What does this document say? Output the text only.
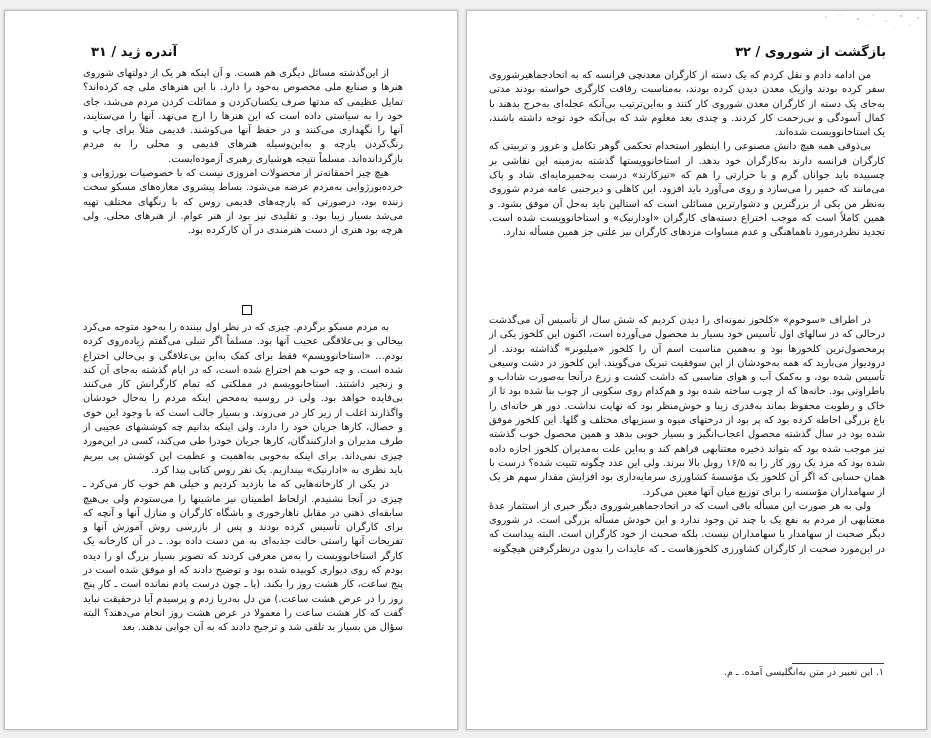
آندره ژید / ۳۱

از این‌گذشته مسائل دیگری هم هست. و آن اینکه هر یک از دولتهای شوروی هنرها و صنایع ملی مخصوص به‌خود را دارد. با این هنرهای ملی چه کرده‌اند؟ تمایل عظیمی که مدتها صرف یکسان‌کردن و مماثلت کردن مردم می‌شد، جای خود را به سیاستی داده است که این هنرها را ارج می‌نهد. آنها را می‌ستایند، آنها را نگهداری می‌کنند و در حفظ آنها می‌کوشند. قدیمی مثلاً برای چاپ و رنگ‌کردن پارچه و به‌این‌وسیله هنرهای قدیمی و محلی را به مردم بازگردانده‌اند. مسلماً نتیجه هوشیاری رهبری آزموده‌ایست.

هیچ چیز احمقانه‌تر از محصولات امروزی نیست که با خصوصیات بورژوایی و خرده‌بورژوایی به‌مردم عرضه می‌شود. بساط پیشروی مغازه‌های مسکو سخت زننده بود، درصورتی که پارچه‌های قدیمی روس که با رنگهای مختلف تهیه می‌شد بسیار زیبا بود. و تقلیدی نیز بود از هنر عوام. از هنرهای محلی. ولی هرچه بود هنری از دست هنرمندی در آن کارکرده بود.

به مردم مسکو برگردم. چیزی که در نظر اول بیننده را به‌خود متوجه می‌کرد بیحالی و بی‌علاقگی عجیب آنها بود. مسلماً اگر تنبلی می‌گفتم زیاده‌روی کرده بودم... «استاخانوویسم» فقط برای کمک به‌این بی‌علاقگی و بی‌حالی اختراع شده است. و چه خوب هم اختراع شده است، که در ایام گذشته به‌جای آن کند و زنجیر داشتند. استاخانوویسم در مملکتی که تمام کارگرانش کار می‌کنند بی‌فایده خواهد بود. ولی در روسیه به‌محض اینکه مردم را به‌حال خودشان واگذارند اغلب از زیر کار در می‌روند. و بسیار جالب است که با وجود این خوی و خصال، کارها جریان خود را دارد. ولی اینکه بدانیم چه کوششهای عجیبی از طرف مدیران و ادارکنندگان، کارها جریان خودرا طی می‌کند، کسی در این‌مورد چیزی نمی‌داند. برای اینکه به‌خوبی به‌اهمیت و عظمت این کوشش پی ببریم باید نظری به «ادارنیک» بیندازیم. یک نفر روس کتابی پیدا کرد.

در یکی از کارخانه‌هایی که ما بازدید کردیم و خیلی هم خوب کار می‌کرد ـ چیزی در آنجا نشنیدم. ازلحاظ اطمینان نیز ماشینها را می‌ستودم ولی بی‌هیچ سابقه‌ای ذهنی در مقابل ناهارخوری و باشگاه کارگران و منازل آنها و آنچه که برای کارگران تأسیس کرده بودند و پس از بازرسی روش آموزش آنها و تفریحات آنها راستی حالت جذبه‌ای به من دست داده بود. ـ در آن کارخانه یک کارگر استاخانوویست را به‌من معرفی کردند که تصویر بسیار بزرگ او را دیده بودم که روی دیواری کوبیده شده بود و توضیح دادند که او موفق شده است در پنج ساعت، کار هشت روز را بکند. (یا ـ چون درست یادم نمانده است ـ کار پنج روز را در عرض هشت ساعت.) من دل به‌دریا زدم و پرسیدم آیا درحقیقت نباید گفت که کار هشت ساعت را معمولا در عرض هشت روز انجام می‌دهند؟ البته سؤال من بسیار بد تلقی شد و ترجیح دادند که به آن جوابی ندهند. بعد

۳۲ / بازگشت از شوروی

من ادامه دادم و نقل کردم که یک دسته از کارگران معدنچی فرانسه که به اتحادجماهیرشوروی سفر کرده بودند وازیک معدن دیدن کرده بودند، به‌مناسبت رفاقت کارگری خواسته بودند مدتی به‌جای یک دسته از کارگران معدن شوروی کار کنند و به‌این‌ترتیب بی‌آنکه عجله‌ای به‌خرج بدهند با کمال آسودگی و بی‌زحمت کار کردند. و چندی بعد معلوم شد که بی‌آنکه خود توجه داشته باشند، یک استاخانوویست شده‌اند.

بی‌ذوقی همه هیچ دانش مصنوعی را اینطور استخدام تحکمی گوهر تکامل و غرور و تربیتی که کارگران فرانسه دارند به‌کارگران خود بدهد. از استاخانوویستها گذشته به‌زمینه این نقاشی بر چسبیده باید جوانان گرم و با حرارتی را هم که «تیزکارند» درست به‌خمیرمایه‌ای شاد و پاک می‌مانند که خمیر را می‌سازد و روی می‌آورد باید افزود. این کاهلی و دیرجنبی عامه مردم شوروی به‌نظر من یکی از بزرگترین و دشوارترین مسائلی است که استالین باید به‌حل آن موفق بشود. و همین کاملاً است که موجب اختراع دسته‌های کارگران «اودارنیک» و استاخانوویست شده است. تجدید نظردرمورد ناهماهنگی و عدم مساوات مزدهای کارگران نیز علتی جز همین مسأله ندارد.

در اطراف «سوخوم» «کلخوز نمونه‌ای را دیدن کردیم که شش سال از تأسیس آن می‌گذشت درحالی که در سالهای اول تأسیس خود بسیار بد محصول می‌آورده است، اکنون این کلخوز یکی از پرمحصول‌ترین کلخوزها بود و به‌همین مناسبت اسم آن را کلخوز «میلیونر» گذاشته بودند. از درودیوار می‌بارید که همه به‌خودشان از این سوفقیت تبریک می‌گویند. این کلخوز در دشت وسیعی تأسیس شده بود، و به‌کمک آب و هوای مناسبی که داشت کشت و زرع درآنجا به‌صورت شاداب و باطراوتی بود. خانه‌ها که از چوب ساخته شده بود و هم‌کدام روی سکویی از چوب بنا شده بود تا از خاک و رطوبت محفوظ بماند به‌قدری زیبا و خوش‌منظر بود که نهایت نداشت. دور هر خانه‌ای را باغ بزرگی احاطه کرده بود که پر بود از درختهای میوه و سبزیهای مختلف و گلها. این کلخوز موفق شده بود در سال گذشته محصول اعجاب‌انگیز و بسیار خوبی بدهد و همین محصول خوب گذشته نیز موجب شده بود که بتواند ذخیره معتنابهی فراهم کند و به‌این علت به‌مدیران کلخوز اجازه داده شده بود که مزد یک روز کار را به ۱۶/۵ روبل بالا ببرند. ولی این عدد چگونه تثبیت شده؟ درست با همان حسابی که اگر آن کلخوز یک مؤسسهٔ کشاورزی سرمایه‌داری بود افزایش مقدار سهم هر یک از سهامداران مؤسسه را برای توزیع میان آنها معین می‌کرد.

ولی به هر صورت این مسأله باقی است که در اتحادجماهیرشوروی دیگر خبری از استثمار عدهٔ معتنابهی از مردم به نفع یک یا چند تن وجود ندارد و این خودش مسأله بزرگی است. در شوروی دیگر صحبت از سهامدار یا سهامداران نیست. بلکه صحبت از خود کارگران است. البته پیداست که در این‌مورد صحبت از کارگران کشاورزی کلخوزهاست ـ که عایدات را بدون درنظرگرفتن هیچگونه

۱. این تعبیر در متن به‌انگلیسی آمده. ـ م.
